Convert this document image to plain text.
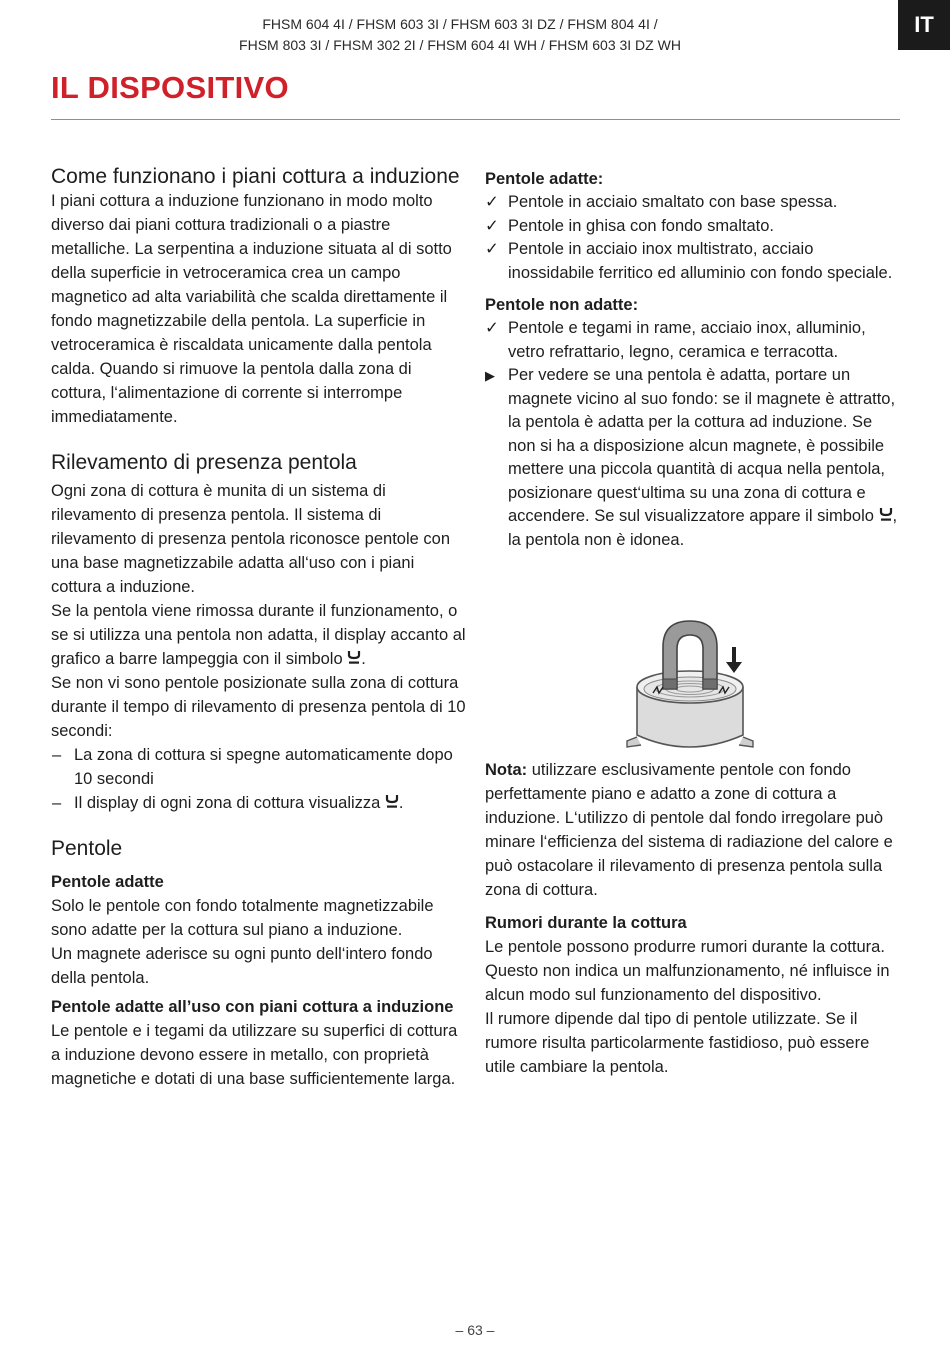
FHSM 604 4I / FHSM 603 3I / FHSM 603 3I DZ / FHSM 804 4I /
FHSM 803 3I / FHSM 302 2I / FHSM 604 4I WH / FHSM 603 3I DZ WH
IT
IL DISPOSITIVO
Come funzionano i piani cottura a induzione

I piani cottura a induzione funzionano in modo molto diverso dai piani cottura tradizionali o a piastre metalliche. La serpentina a induzione situata al di sotto della superficie in vetroceramica crea un campo magnetico ad alta variabilità che scalda direttamente il fondo magnetizzabile della pentola. La superficie in vetroceramica è riscaldata unicamente dalla pentola calda. Quando si rimuove la pentola dalla zona di cottura, l‘alimentazione di corrente si interrompe immediatamente.

Rilevamento di presenza pentola

Ogni zona di cottura è munita di un sistema di rilevamento di presenza pentola. Il sistema di rilevamento di presenza pentola riconosce pentole con una base magnetizzabile adatta all‘uso con i piani cottura a induzione.

Se la pentola viene rimossa durante il funzionamento, o se si utilizza una pentola non adatta, il display accanto al grafico a barre lampeggia con il simbolo .

Se non vi sono pentole posizionate sulla zona di cottura durante il tempo di rilevamento di presenza pentola di 10 secondi:

– La zona di cottura si spegne automaticamente dopo 10 secondi
– Il display di ogni zona di cottura visualizza .
Pentole
Pentole adatte

Solo le pentole con fondo totalmente magnetizzabile sono adatte per la cottura sul piano a induzione.

Un magnete aderisce su ogni punto dell‘intero fondo della pentola.

Pentole adatte all’uso con piani cottura a induzione

Le pentole e i tegami da utilizzare su superfici di cottura a induzione devono essere in metallo, con proprietà magnetiche e dotati di una base sufficientemente larga.

Pentole adatte:
✓ Pentole in acciaio smaltato con base spessa.
✓ Pentole in ghisa con fondo smaltato.
✓ Pentole in acciaio inox multistrato, acciaio inossidabile ferritico ed alluminio con fondo speciale.
Pentole non adatte:
✓ Pentole e tegami in rame, acciaio inox, alluminio, vetro refrattario, legno, ceramica e terracotta.
▶ Per vedere se una pentola è adatta, portare un magnete vicino al suo fondo: se il magnete è attratto, la pentola è adatta per la cottura ad induzione. Se non si ha a disposizione alcun magnete, è possibile mettere una piccola quantità di acqua nella pentola, posizionare quest‘ultima su una zona di cottura e accendere. Se sul visualizzatore appare il simbolo , la pentola non è idonea.

Nota: utilizzare esclusivamente pentole con fondo perfettamente piano e adatto a zone di cottura a induzione. L‘utilizzo di pentole dal fondo irregolare può minare l‘efficienza del sistema di radiazione del calore e può ostacolare il rilevamento di presenza pentola sulla zona di cottura.

Rumori durante la cottura

Le pentole possono produrre rumori durante la cottura. Questo non indica un malfunzionamento, né influisce in alcun modo sul funzionamento del dispositivo.

Il rumore dipende dal tipo di pentole utilizzate. Se il rumore risulta particolarmente fastidioso, può essere utile cambiare la pentola.

– 63 –
